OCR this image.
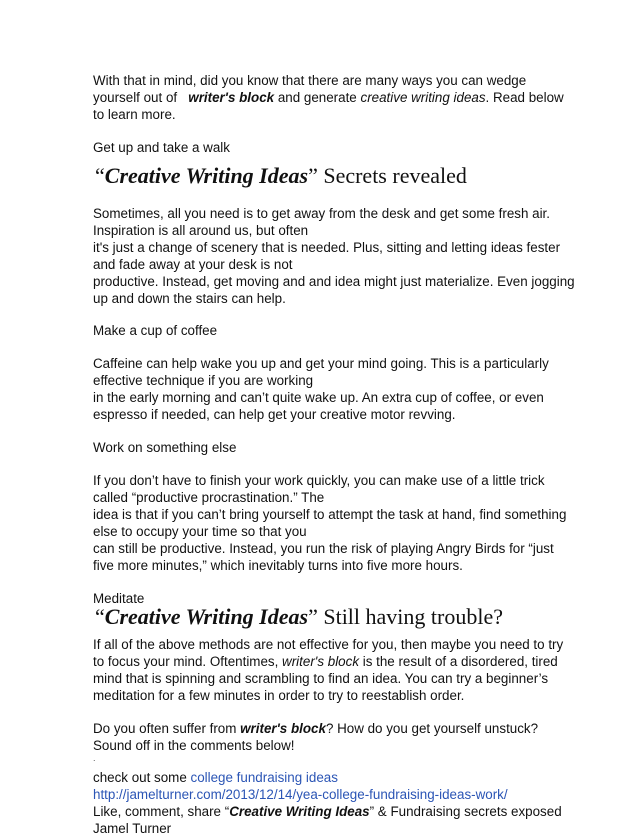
With that in mind, did you know that there are many ways you can wedge
yourself out of writer's block and generate creative writing ideas. Read below
to learn more.
Get up and take a walk
“Creative Writing Ideas” Secrets revealed
Sometimes, all you need is to get away from the desk and get some fresh air.
Inspiration is all around us, but often
it's just a change of scenery that is needed. Plus, sitting and letting ideas fester
and fade away at your desk is not
productive. Instead, get moving and and idea might just materialize. Even jogging
up and down the stairs can help.
Make a cup of coffee
Caffeine can help wake you up and get your mind going. This is a particularly
effective technique if you are working
in the early morning and can’t quite wake up. An extra cup of coffee, or even
espresso if needed, can help get your creative motor revving.
Work on something else
If you don’t have to finish your work quickly, you can make use of a little trick
called “productive procrastination.” The
idea is that if you can’t bring yourself to attempt the task at hand, find something
else to occupy your time so that you
can still be productive. Instead, you run the risk of playing Angry Birds for “just
five more minutes,” which inevitably turns into five more hours.
Meditate
“Creative Writing Ideas” Still having trouble?
If all of the above methods are not effective for you, then maybe you need to try
to focus your mind. Oftentimes, writer's block is the result of a disordered, tired
mind that is spinning and scrambling to find an idea. You can try a beginner’s
meditation for a few minutes in order to try to reestablish order.
Do you often suffer from writer's block? How do you get yourself unstuck?
Sound off in the comments below!
.
check out some college fundraising ideas
http://jamelturner.com/2013/12/14/yea-college-fundraising-ideas-work/
Like, comment, share “Creative Writing Ideas” & Fundraising secrets exposed
Jamel Turner
